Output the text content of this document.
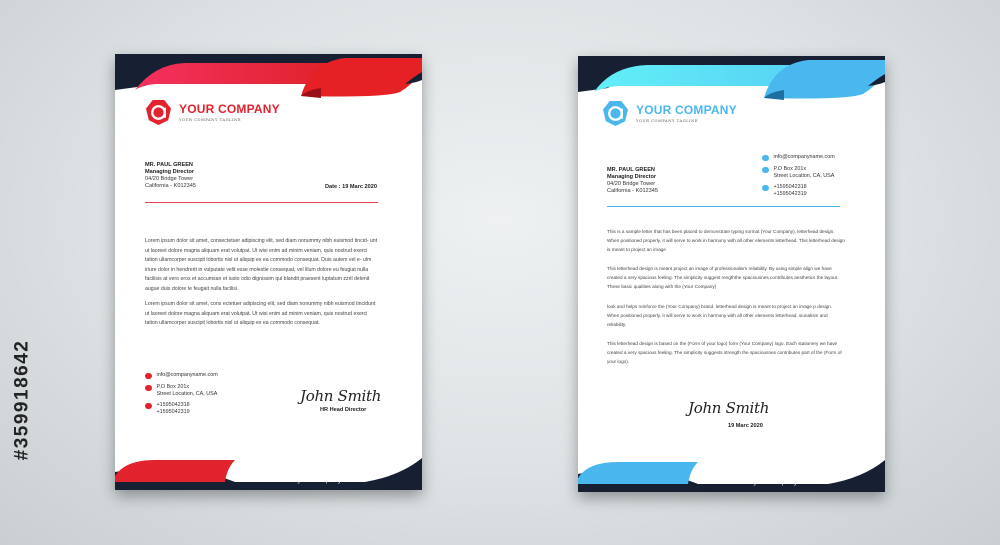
#359918642
YOUR COMPANY
YOUR COMPANY TAGLINE
MR. PAUL GREEN
Managing Director
04/20 Bridge Tower
California - K012345	Date : 19 Marc 2020

Lorem ipsum dolor sit amet, consectetuer adipiscing elit, sed diam nonummy nibh euismod tincid- unt ut laoreet dolore magna aliquam erat volutpat. Ut wisi enim ad minim veniam, quis nostrud exerci tation ullamcorper suscipit lobortis nisl ut aliquip ex ea commodo consequat. Duis autem vel e- ulm iriure dolor in hendrerit in vulputate velit esse molestie consequat, vel illum dolore eu feugiat nulla facilisis at vero eros et accumsan et iusto odio dignissim qui blandit praesent luptatum zzril delenit augue duis dolore te feugait nulla facilisi.

Lorem ipsum dolor sit amet, cons ectetuer adipiscing elit, sed diam nonummy nibh euismod tincidunt ut laoreet dolore magna aliquam erat volutpat. Ut wisi enim ad minim veniam, quis nostrud exerci tation ullamcorper suscipit lobortis nisl ut aliquip ex ea commodo consequat.

info@companyname.com
P.O Box 201x
Street Location, CA, USA
+1595042318
+1595042319
John Smith
HR Head Director
www.yourcompany.com
YOUR COMPANY
YOUR COMPANY TAGLINE
MR. PAUL GREEN
Managing Director
04/20 Bridge Tower
California - K012345
info@companyname.com
P.O Box 201x
Street Location, CA, USA
+1595042318
+1595042319

This is a sample letter that has been placed to demonstrate typing ѕormat (Your Company), letterhead design. When positioned properly, it will serve to work in harmony with all other elements letterhead. This letterhead design is meant to project an image

This letterhead design is meant project an image of professionalism reliability. By using simple align we have created a very spacious feeling. The simplicity suggest rengththe spaciousnes contributes aesthetics the layout. These basic qualities along with the (Your Company)

look and helps reinforce the (Your Company) brand. letterhead design is meant to project an image p design. When positioned properly, it will serve to work in harmony with all other elements letterhead. sionalism and reliability.

This letterhead design is based on the (Form of your logo) form (Your Company) logo. Each stationery we have created a very spacious feeling. The simplicity suggests strength the spaciousnes contributes part of the (Form of your logo).

John Smith
19 Marc 2020
www.yourcompany.com
